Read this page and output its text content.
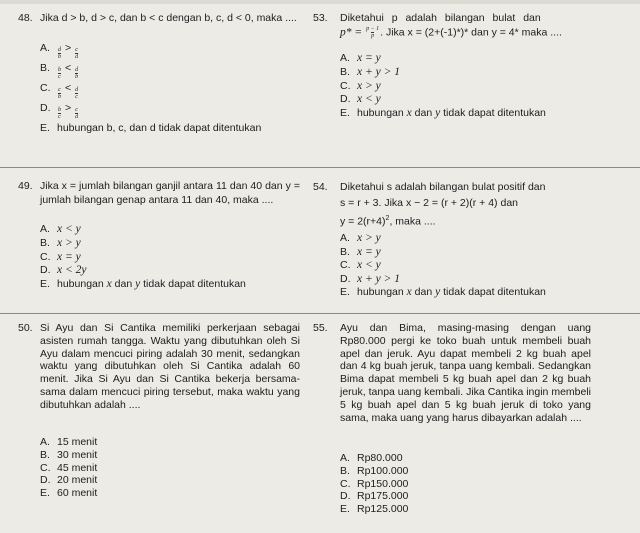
48. Jika d > b, d > c, dan b < c dengan b, c, d < 0, maka ....
A.	$\frac{d}{b} > \frac{c}{d}$
B.	$\frac{b}{c} < \frac{d}{b}$
C.	$\frac{c}{b} < \frac{d}{c}$
D.	$\frac{b}{c} > \frac{c}{d}$
E. hubungan b, c, dan d tidak dapat ditentukan
53. Diketahui p adalah bilangan bulat dan
$p* = \frac{p - 1}{p}$ . Jika x = (2+(-1)*)* dan y = 4* maka ....
A. x = y
B. x + y > 1
C. x > y
D. x < y
E. hubungan x dan y tidak dapat ditentukan
49. Jika x = jumlah bilangan ganjil antara 11 dan 40 dan y = jumlah bilangan genap antara 11 dan 40, maka ....
A. x < y
B. x > y
C. x = y
D. x < 2y
E. hubungan x dan y tidak dapat ditentukan
54. Diketahui s adalah bilangan bulat positif dan
s = r + 3. Jika x − 2 = (r + 2)(r + 4) dan
$y = 2(r+4)^2$, maka ....
A. x > y
B. x = y
C. x < y
D. x + y > 1
E. hubungan x dan y tidak dapat ditentukan
50. Si Ayu dan Si Cantika memiliki perkerjaan sebagai asisten rumah tangga. Waktu yang dibutuhkan oleh Si Ayu dalam mencuci piring adalah 30 menit, sedangkan waktu yang dibutuhkan oleh Si Cantika adalah 60 menit. Jika Si Ayu dan Si Cantika bekerja bersama-sama dalam mencuci piring tersebut, maka waktu yang dibutuhkan adalah ....
A. 15 menit
B. 30 menit
C. 45 menit
D. 20 menit
E. 60 menit
55. Ayu dan Bima, masing-masing dengan uang Rp80.000 pergi ke toko buah untuk membeli buah apel dan jeruk. Ayu dapat membeli 2 kg buah apel dan 4 kg buah jeruk, tanpa uang kembali. Sedangkan Bima dapat membeli 5 kg buah apel dan 2 kg buah jeruk, tanpa uang kembali. Jika Cantika ingin membeli 5 kg buah apel dan 5 kg buah jeruk di toko yang sama, maka uang yang harus dibayarkan adalah ....
A. Rp80.000
B. Rp100.000
C. Rp150.000
D. Rp175.000
E. Rp125.000
